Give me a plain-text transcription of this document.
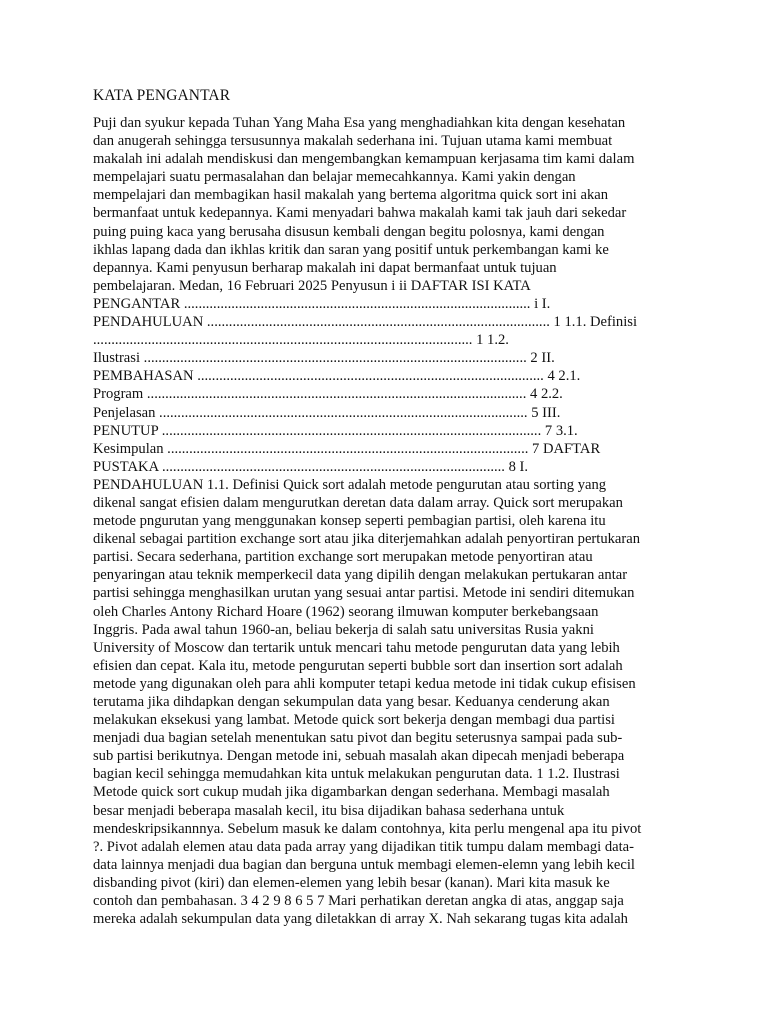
KATA PENGANTAR
Puji dan syukur kepada Tuhan Yang Maha Esa yang menghadiahkan kita dengan kesehatan
dan anugerah sehingga tersusunnya makalah sederhana ini. Tujuan utama kami membuat
makalah ini adalah mendiskusi dan mengembangkan kemampuan kerjasama tim kami dalam
mempelajari suatu permasalahan dan belajar memecahkannya. Kami yakin dengan
mempelajari dan membagikan hasil makalah yang bertema algoritma quick sort ini akan
bermanfaat untuk kedepannya. Kami menyadari bahwa makalah kami tak jauh dari sekedar
puing puing kaca yang berusaha disusun kembali dengan begitu polosnya, kami dengan
ikhlas lapang dada dan ikhlas kritik dan saran yang positif untuk perkembangan kami ke
depannya. Kami penyusun berharap makalah ini dapat bermanfaat untuk tujuan
pembelajaran. Medan, 16 Februari 2025 Penyusun i ii DAFTAR ISI KATA
PENGANTAR ............................................................................................... i I.
PENDAHULUAN .............................................................................................. 1 1.1. Definisi
........................................................................................................ 1 1.2.
Ilustrasi ......................................................................................................... 2 II.
PEMBAHASAN ............................................................................................... 4 2.1.
Program ........................................................................................................ 4 2.2.
Penjelasan ..................................................................................................... 5 III.
PENUTUP ........................................................................................................ 7 3.1.
Kesimpulan ................................................................................................... 7 DAFTAR
PUSTAKA .............................................................................................. 8 I.
PENDAHULUAN 1.1. Definisi Quick sort adalah metode pengurutan atau sorting yang
dikenal sangat efisien dalam mengurutkan deretan data dalam array. Quick sort merupakan
metode pngurutan yang menggunakan konsep seperti pembagian partisi, oleh karena itu
dikenal sebagai partition exchange sort atau jika diterjemahkan adalah penyortiran pertukaran
partisi. Secara sederhana, partition exchange sort merupakan metode penyortiran atau
penyaringan atau teknik memperkecil data yang dipilih dengan melakukan pertukaran antar
partisi sehingga menghasilkan urutan yang sesuai antar partisi. Metode ini sendiri ditemukan
oleh Charles Antony Richard Hoare (1962) seorang ilmuwan komputer berkebangsaan
Inggris. Pada awal tahun 1960-an, beliau bekerja di salah satu universitas Rusia yakni
University of Moscow dan tertarik untuk mencari tahu metode pengurutan data yang lebih
efisien dan cepat. Kala itu, metode pengurutan seperti bubble sort dan insertion sort adalah
metode yang digunakan oleh para ahli komputer tetapi kedua metode ini tidak cukup efisisen
terutama jika dihdapkan dengan sekumpulan data yang besar. Keduanya cenderung akan
melakukan eksekusi yang lambat. Metode quick sort bekerja dengan membagi dua partisi
menjadi dua bagian setelah menentukan satu pivot dan begitu seterusnya sampai pada sub-
sub partisi berikutnya. Dengan metode ini, sebuah masalah akan dipecah menjadi beberapa
bagian kecil sehingga memudahkan kita untuk melakukan pengurutan data. 1 1.2. Ilustrasi
Metode quick sort cukup mudah jika digambarkan dengan sederhana. Membagi masalah
besar menjadi beberapa masalah kecil, itu bisa dijadikan bahasa sederhana untuk
mendeskripsikannnya. Sebelum masuk ke dalam contohnya, kita perlu mengenal apa itu pivot
?. Pivot adalah elemen atau data pada array yang dijadikan titik tumpu dalam membagi data-
data lainnya menjadi dua bagian dan berguna untuk membagi elemen-elemn yang lebih kecil
disbanding pivot (kiri) dan elemen-elemen yang lebih besar (kanan). Mari kita masuk ke
contoh dan pembahasan. 3 4 2 9 8 6 5 7 Mari perhatikan deretan angka di atas, anggap saja
mereka adalah sekumpulan data yang diletakkan di array X. Nah sekarang tugas kita adalah
